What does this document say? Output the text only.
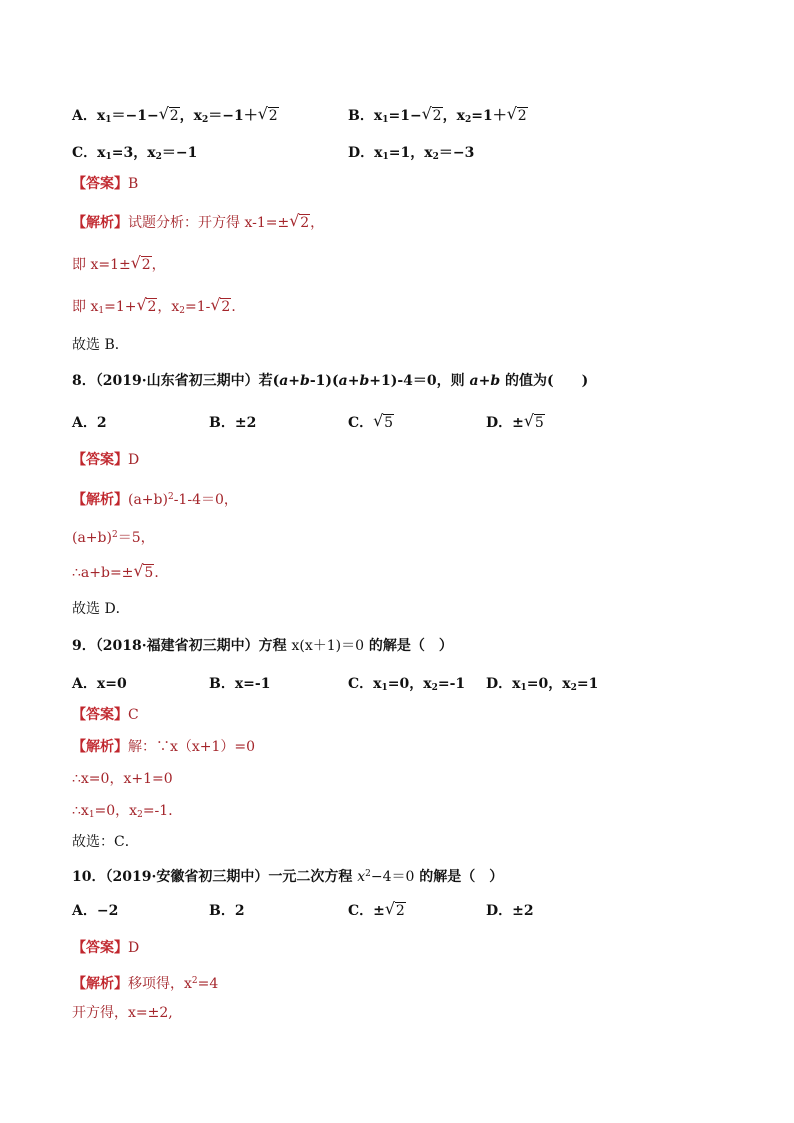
A．$x_1=-1-√$ 2，$x_2=-1+√$ 2	B．$x_1=1-√$ 2，$x_2=1+√$ 2
C．$x_1=3$，$x_2=-1$	D．$x_1=1$，$x_2=-3$
【答案】B
【解析】试题分析：开方得 x-1=±√ 2，
即 x=1±√ 2，
即 $x_1=1+√$ 2，$x_2=1-√$ 2．
故选 B．
8．（2019·山东省初三期中）若(a+b-1)(a+b+1)-4＝0，则 a+b 的值为(　　)
A．2	B．±2	C．√ 5	D．±√ 5
【答案】D
【解析】$(a+b)^2-1-4=0$，
$(a+b)^2=5$，
∴a+b=±√ 5．
故选 D．
9．（2018·福建省初三期中）方程 x(x＋1)＝0 的解是（　）
A．x=0	B．x=-1	C．$x_1=0$，$x_2=-1$ D．$x_1=0$，$x_2=1$
【答案】C
【解析】解：∵x（x+1）=0
∴x=0，x+1=0
$\therefore x_1=0$，$x_2=-1$．
故选：C．
10．（2019·安徽省初三期中）一元二次方程 $x^2-4=0$ 的解是（　）
A．−2	B．2	C．±√ 2	D．±2
【答案】D
【解析】移项得，$x^2=4$
开方得，x=±2,
